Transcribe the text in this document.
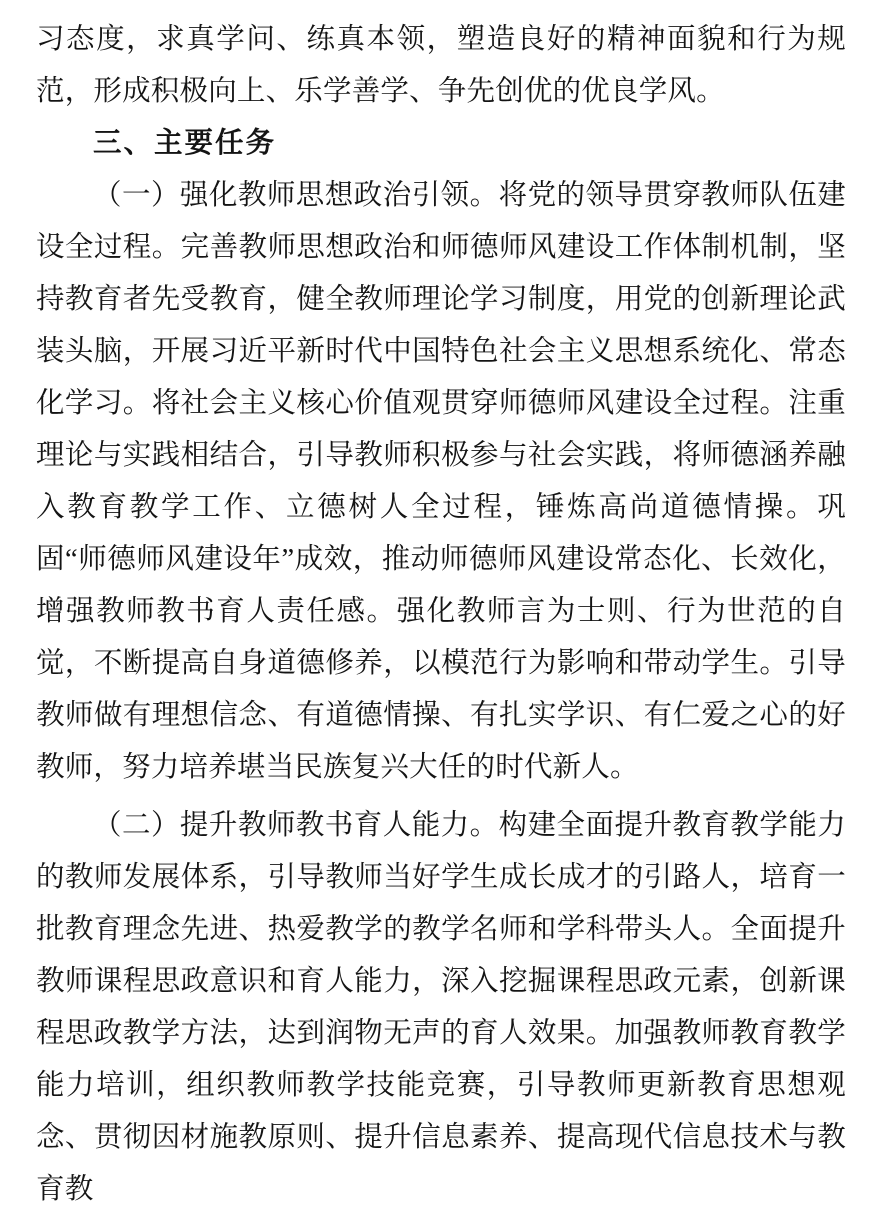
习态度，求真学问、练真本领，塑造良好的精神面貌和行为规范，形成积极向上、乐学善学、争先创优的优良学风。

三、主要任务

（一）强化教师思想政治引领。将党的领导贯穿教师队伍建设全过程。完善教师思想政治和师德师风建设工作体制机制，坚持教育者先受教育，健全教师理论学习制度，用党的创新理论武装头脑，开展习近平新时代中国特色社会主义思想系统化、常态化学习。将社会主义核心价值观贯穿师德师风建设全过程。注重理论与实践相结合，引导教师积极参与社会实践，将师德涵养融入教育教学工作、立德树人全过程，锤炼高尚道德情操。巩固“师德师风建设年”成效，推动师德师风建设常态化、长效化，增强教师教书育人责任感。强化教师言为士则、行为世范的自觉，不断提高自身道德修养，以模范行为影响和带动学生。引导教师做有理想信念、有道德情操、有扎实学识、有仁爱之心的好教师，努力培养堪当民族复兴大任的时代新人。

（二）提升教师教书育人能力。构建全面提升教育教学能力的教师发展体系，引导教师当好学生成长成才的引路人，培育一批教育理念先进、热爱教学的教学名师和学科带头人。全面提升教师课程思政意识和育人能力，深入挖掘课程思政元素，创新课程思政教学方法，达到润物无声的育人效果。加强教师教育教学能力培训，组织教师教学技能竞赛，引导教师更新教育思想观念、贯彻因材施教原则、提升信息素养、提高现代信息技术与教育教
